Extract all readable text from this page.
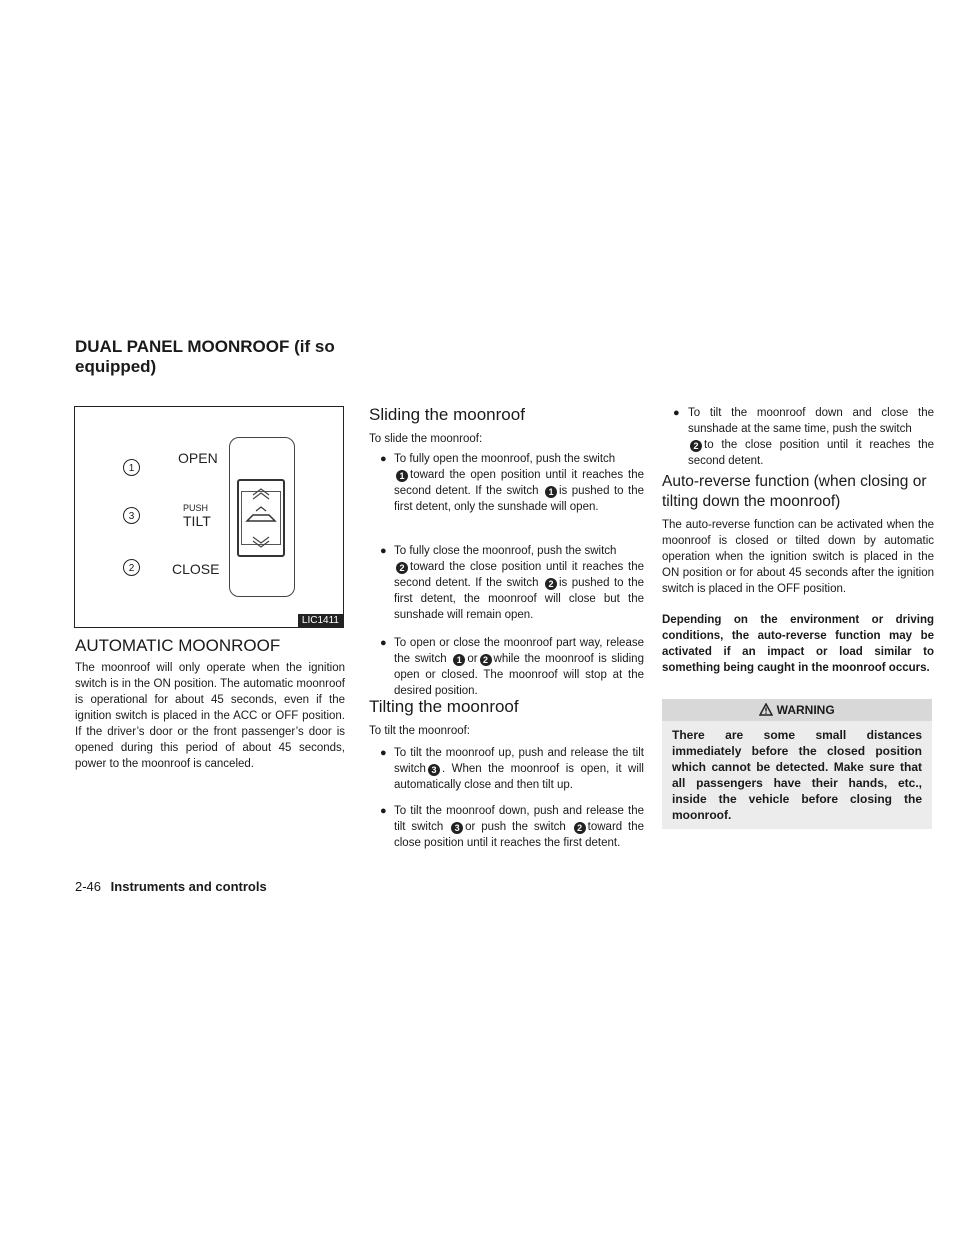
DUAL PANEL MOONROOF (if so
equipped)
1
3
2
OPEN
PUSH
TILT
CLOSE
LIC1411
AUTOMATIC MOONROOF
The moonroof will only operate when the ignition switch is in the ON position. The automatic moonroof is operational for about 45 seconds, even if the ignition switch is placed in the ACC or OFF position. If the driver’s door or the front passenger’s door is opened during this period of about 45 seconds, power to the moonroof is canceled.
Sliding the moonroof
To slide the moonroof:
● To fully open the moonroof, push the switch
1 toward the open position until it reaches the second detent. If the switch 1 is pushed to the first detent, only the sunshade will open.
● To fully close the moonroof, push the switch
2 toward the close position until it reaches the second detent. If the switch 2 is pushed to the first detent, the moonroof will close but the sunshade will remain open.
● To open or close the moonroof part way, release the switch 1 or 2 while the moonroof is sliding open or closed. The moonroof will stop at the desired position.
Tilting the moonroof
To tilt the moonroof:
● To tilt the moonroof up, push and release the tilt switch 3 . When the moonroof is open, it will automatically close and then tilt up.
● To tilt the moonroof down, push and release the tilt switch 3 or push the switch 2 toward the close position until it reaches the first detent.
● To tilt the moonroof down and close the sunshade at the same time, push the switch
2 to the close position until it reaches the second detent.
Auto-reverse function (when closing or tilting down the moonroof)
The auto-reverse function can be activated when the moonroof is closed or tilted down by automatic operation when the ignition switch is placed in the ON position or for about 45 seconds after the ignition switch is placed in the OFF position.
Depending on the environment or driving conditions, the auto-reverse function may be activated if an impact or load similar to something being caught in the moonroof occurs.
WARNING
There are some small distances immediately before the closed position which cannot be detected. Make sure that all passengers have their hands, etc., inside the vehicle before closing the moonroof.
2-46 Instruments and controls
